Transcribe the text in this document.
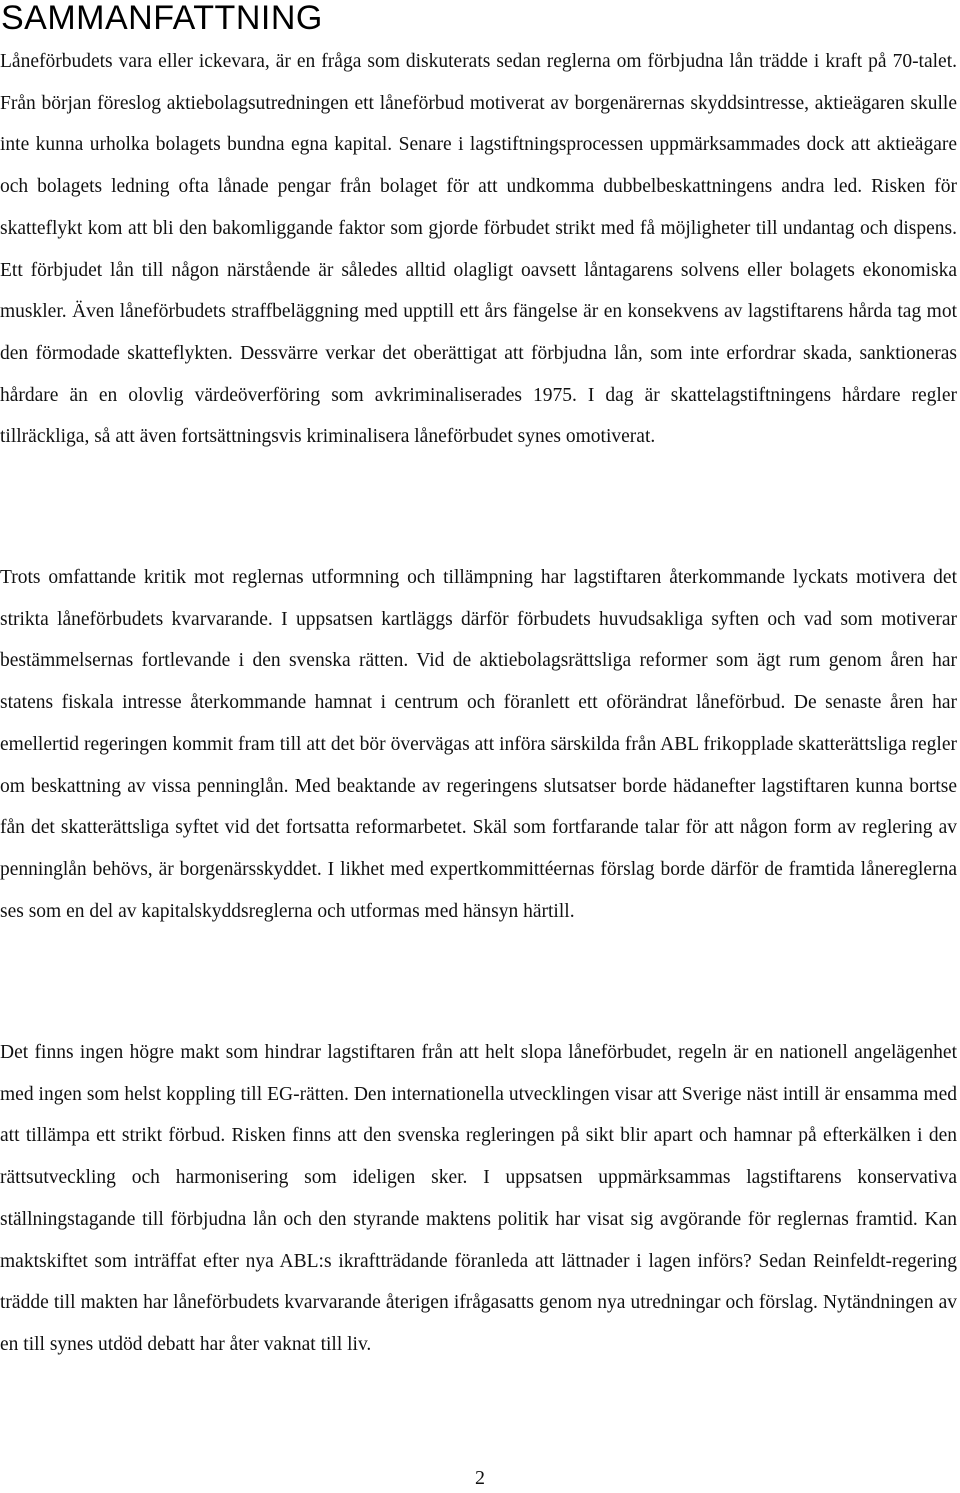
SAMMANFATTNING

Låneförbudets vara eller ickevara, är en fråga som diskuterats sedan reglerna om förbjudna lån trädde i kraft på 70-talet. Från början föreslog aktiebolagsutredningen ett låneförbud motiverat av borgenärernas skyddsintresse, aktieägaren skulle inte kunna urholka bolagets bundna egna kapital. Senare i lagstiftningsprocessen uppmärksammades dock att aktieägare och bolagets ledning ofta lånade pengar från bolaget för att undkomma dubbelbeskattningens andra led. Risken för skatteflykt kom att bli den bakomliggande faktor som gjorde förbudet strikt med få möjligheter till undantag och dispens. Ett förbjudet lån till någon närstående är således alltid olagligt oavsett låntagarens solvens eller bolagets ekonomiska muskler. Även låneförbudets straffbeläggning med upptill ett års fängelse är en konsekvens av lagstiftarens hårda tag mot den förmodade skatteflykten. Dessvärre verkar det oberättigat att förbjudna lån, som inte erfordrar skada, sanktioneras hårdare än en olovlig värdeöverföring som avkriminaliserades 1975. I dag är skattelagstiftningens hårdare regler tillräckliga, så att även fortsättningsvis kriminalisera låneförbudet synes omotiverat.

Trots omfattande kritik mot reglernas utformning och tillämpning har lagstiftaren återkommande lyckats motivera det strikta låneförbudets kvarvarande. I uppsatsen kartläggs därför förbudets huvudsakliga syften och vad som motiverar bestämmelsernas fortlevande i den svenska rätten. Vid de aktiebolagsrättsliga reformer som ägt rum genom åren har statens fiskala intresse återkommande hamnat i centrum och föranlett ett oförändrat låneförbud. De senaste åren har emellertid regeringen kommit fram till att det bör övervägas att införa särskilda från ABL frikopplade skatterättsliga regler om beskattning av vissa penninglån. Med beaktande av regeringens slutsatser borde hädanefter lagstiftaren kunna bortse fån det skatterättsliga syftet vid det fortsatta reformarbetet. Skäl som fortfarande talar för att någon form av reglering av penninglån behövs, är borgenärsskyddet. I likhet med expertkommittéernas förslag borde därför de framtida lånereglerna ses som en del av kapitalskyddsreglerna och utformas med hänsyn härtill.

Det finns ingen högre makt som hindrar lagstiftaren från att helt slopa låneförbudet, regeln är en nationell angelägenhet med ingen som helst koppling till EG-rätten. Den internationella utvecklingen visar att Sverige näst intill är ensamma med att tillämpa ett strikt förbud. Risken finns att den svenska regleringen på sikt blir apart och hamnar på efterkälken i den rättsutveckling och harmonisering som ideligen sker. I uppsatsen uppmärksammas lagstiftarens konservativa ställningstagande till förbjudna lån och den styrande maktens politik har visat sig avgörande för reglernas framtid. Kan maktskiftet som inträffat efter nya ABL:s ikraftträdande föranleda att lättnader i lagen införs? Sedan Reinfeldt-regering trädde till makten har låneförbudets kvarvarande återigen ifrågasatts genom nya utredningar och förslag. Nytändningen av en till synes utdöd debatt har åter vaknat till liv.

2
